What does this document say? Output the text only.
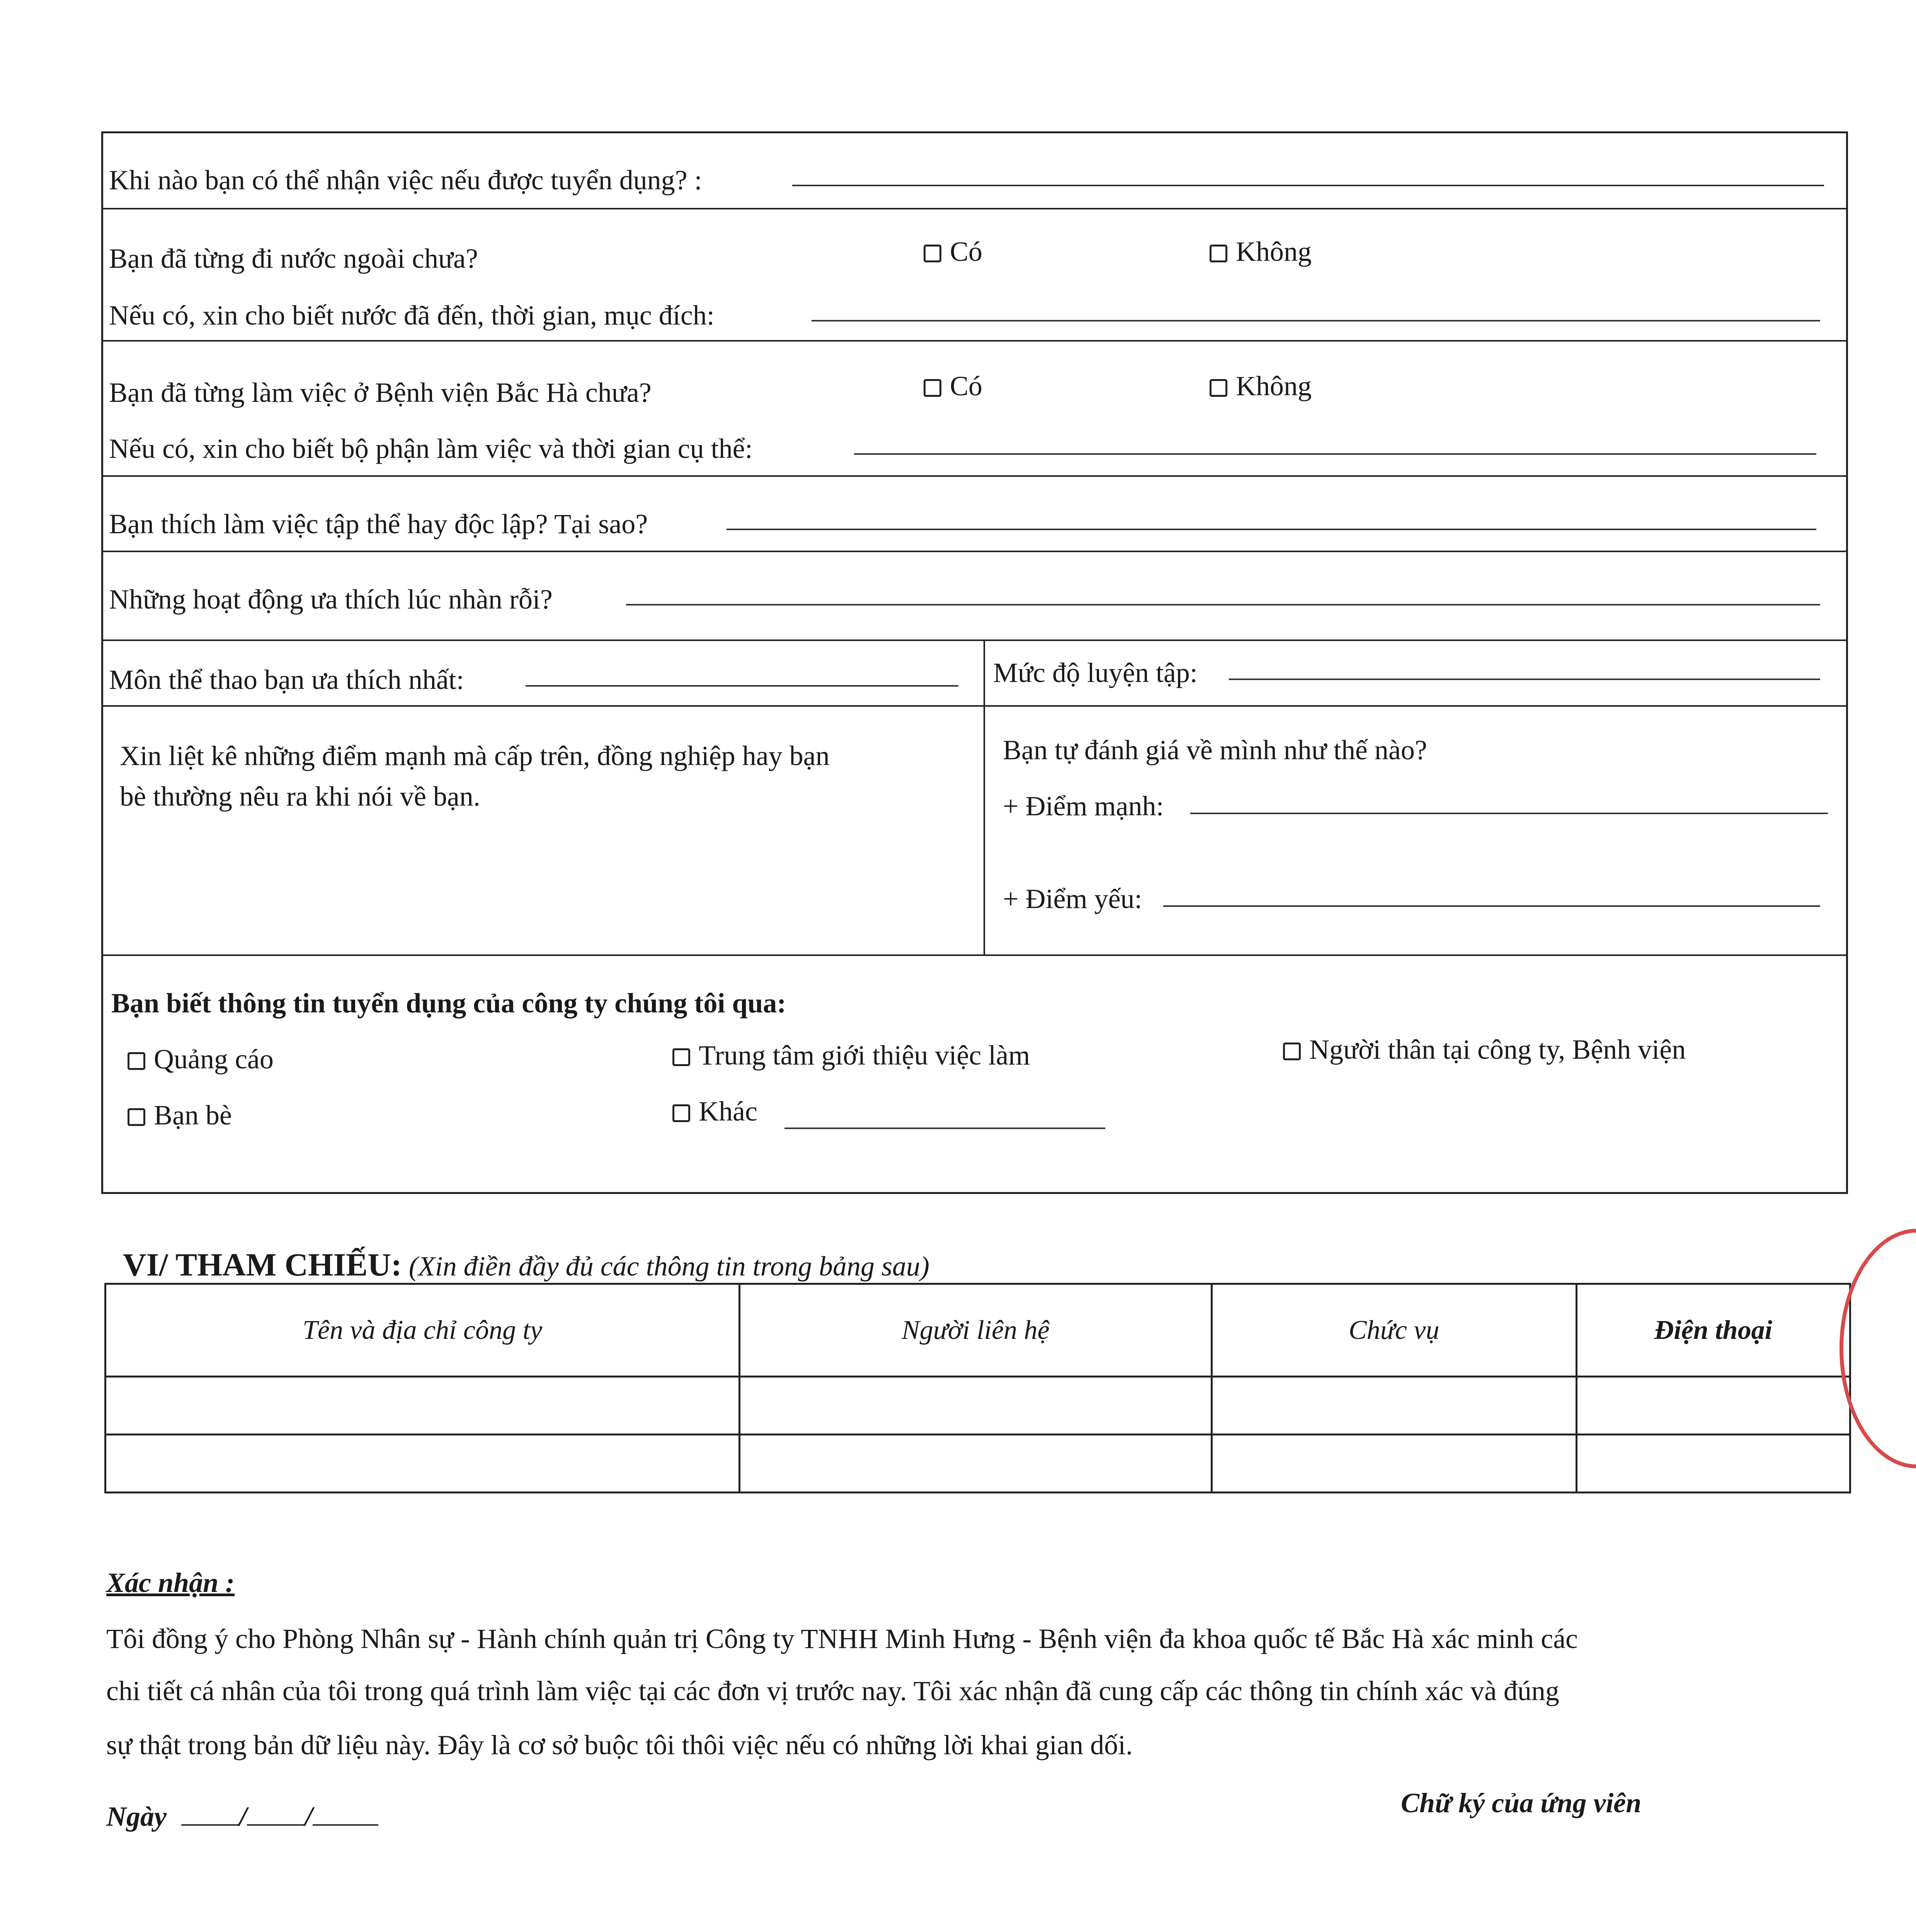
Khi nào bạn có thể nhận việc nếu được tuyển dụng? :
Bạn đã từng đi nước ngoài chưa?	Có	Không
Nếu có, xin cho biết nước đã đến, thời gian, mục đích:
Bạn đã từng làm việc ở Bệnh viện Bắc Hà chưa?	Có	Không
Nếu có, xin cho biết bộ phận làm việc và thời gian cụ thể:
Bạn thích làm việc tập thể hay độc lập? Tại sao?
Những hoạt động ưa thích lúc nhàn rỗi?
Môn thể thao bạn ưa thích nhất:	Mức độ luyện tập:
Xin liệt kê những điểm mạnh mà cấp trên, đồng nghiệp hay bạn
bè thường nêu ra khi nói về bạn.
Bạn tự đánh giá về mình như thế nào?
+ Điểm mạnh:
+ Điểm yếu:
Bạn biết thông tin tuyển dụng của công ty chúng tôi qua:
Quảng cáo	Trung tâm giới thiệu việc làm	Người thân tại công ty, Bệnh viện
Bạn bè	Khác
VI/ THAM CHIẾU: (Xin điền đầy đủ các thông tin trong bảng sau)
Tên và địa chỉ công ty	Người liên hệ	Chức vụ	Điện thoại

Xác nhận :
Tôi đồng ý cho Phòng Nhân sự - Hành chính quản trị Công ty TNHH Minh Hưng - Bệnh viện đa khoa quốc tế Bắc Hà xác minh các
chi tiết cá nhân của tôi trong quá trình làm việc tại các đơn vị trước nay. Tôi xác nhận đã cung cấp các thông tin chính xác và đúng
sự thật trong bản dữ liệu này. Đây là cơ sở buộc tôi thôi việc nếu có những lời khai gian dối.
Ngày	/ /	Chữ ký của ứng viên
